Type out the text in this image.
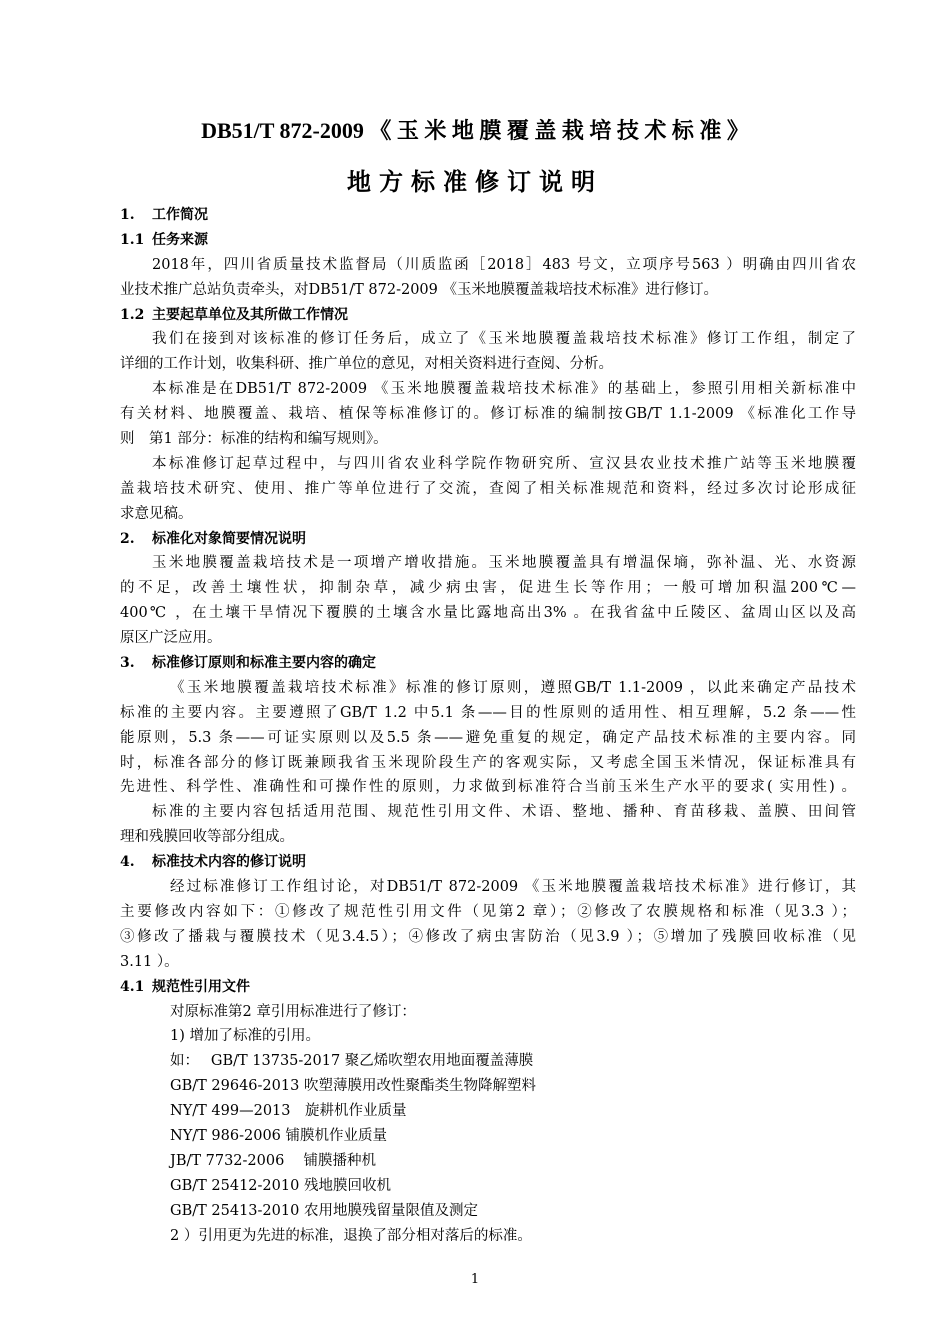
DB51/T 872-2009 《 玉 米 地 膜 覆 盖 栽 培 技 术 标 准 》
地方标准修订说明
1. 工作简况
1.1 任务来源
2018年，四川省质量技术监督局（川质监函［2018］483 号文，立项序号563 ）明确由四川省农
业技术推广总站负责牵头，对DB51/T 872-2009 《玉米地膜覆盖栽培技术标准》进行修订。
1.2 主要起草单位及其所做工作情况
我们在接到对该标准的修订任务后，成立了《玉米地膜覆盖栽培技术标准》修订工作组，制定了
详细的工作计划，收集科研、推广单位的意见，对相关资料进行查阅、分析。
本标准是在DB51/T 872-2009 《玉米地膜覆盖栽培技术标准》的基础上，参照引用相关新标准中
有关材料、地膜覆盖、栽培、植保等标准修订的。修订标准的编制按GB/T 1.1-2009 《标准化工作导
则　第1 部分：标准的结构和编写规则》。
本标准修订起草过程中，与四川省农业科学院作物研究所、宣汉县农业技术推广站等玉米地膜覆
盖栽培技术研究、使用、推广等单位进行了交流，查阅了相关标准规范和资料，经过多次讨论形成征
求意见稿。
2. 标准化对象简要情况说明
玉米地膜覆盖栽培技术是一项增产增收措施。玉米地膜覆盖具有增温保墒，弥补温、光、水资源
的不足，改善土壤性状，抑制杂草，减少病虫害，促进生长等作用；一般可增加积温200℃—
400℃ ，在土壤干旱情况下覆膜的土壤含水量比露地高出3% 。在我省盆中丘陵区、盆周山区以及高
原区广泛应用。
3. 标准修订原则和标准主要内容的确定
《玉米地膜覆盖栽培技术标准》标准的修订原则，遵照GB/T 1.1-2009 ，以此来确定产品技术
标准的主要内容。主要遵照了GB/T 1.2 中5.1 条——目的性原则的适用性、相互理解，5.2 条——性
能原则，5.3 条——可证实原则以及5.5 条——避免重复的规定，确定产品技术标准的主要内容。同
时，标准各部分的修订既兼顾我省玉米现阶段生产的客观实际，又考虑全国玉米情况，保证标准具有
先进性、科学性、准确性和可操作性的原则，力求做到标准符合当前玉米生产水平的要求( 实用性) 。
标准的主要内容包括适用范围、规范性引用文件、术语、整地、播种、育苗移栽、盖膜、田间管
理和残膜回收等部分组成。
4. 标准技术内容的修订说明
经过标准修订工作组讨论，对DB51/T 872-2009 《玉米地膜覆盖栽培技术标准》进行修订，其
主要修改内容如下：①修改了规范性引用文件（见第2 章）；②修改了农膜规格和标准（见3.3 ）；
③修改了播栽与覆膜技术（见3.4.5）；④修改了病虫害防治（见3.9 ）；⑤增加了残膜回收标准（见
3.11 ）。
4.1 规范性引用文件
对原标准第2 章引用标准进行了修订：
1) 增加了标准的引用。
如：　 GB/T 13735-2017 聚乙烯吹塑农用地面覆盖薄膜
GB/T 29646-2013 吹塑薄膜用改性聚酯类生物降解塑料
NY/T 499—2013　旋耕机作业质量
NY/T 986-2006 铺膜机作业质量
JB/T 7732-2006　 铺膜播种机
GB/T 25412-2010 残地膜回收机
GB/T 25413-2010 农用地膜残留量限值及测定
2 ）引用更为先进的标准，退换了部分相对落后的标准。
1
